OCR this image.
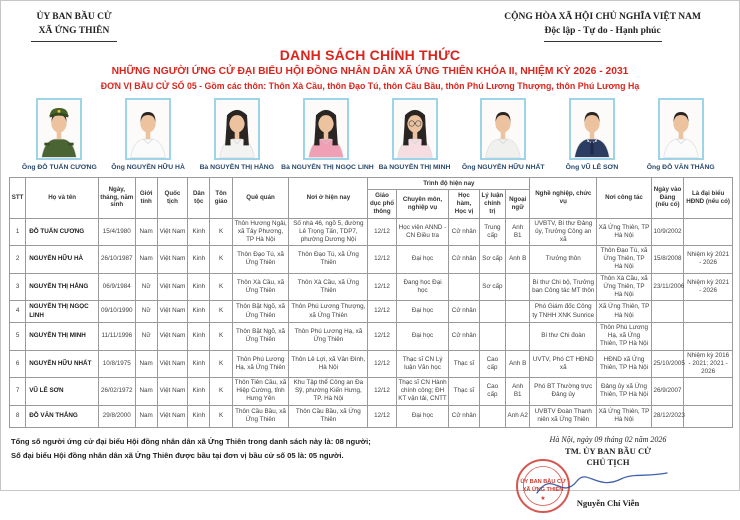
ỦY BAN BẦU CỬ
XÃ ỨNG THIÊN
CỘNG HÒA XÃ HỘI CHỦ NGHĨA VIỆT NAM
Độc lập - Tự do - Hạnh phúc
DANH SÁCH CHÍNH THỨC
NHỮNG NGƯỜI ỨNG CỬ ĐẠI BIỂU HỘI ĐỒNG NHÂN DÂN XÃ ỨNG THIÊN KHÓA II, NHIỆM KỲ 2026 - 2031
ĐƠN VỊ BẦU CỬ SỐ 05 - Gồm các thôn: Thôn Xà Cầu, thôn Đạo Tú, thôn Cầu Bầu, thôn Phú Lương Thượng, thôn Phú Lương Hạ
Ông ĐỖ TUẤN CƯƠNG	Ông NGUYỄN HỮU HÀ	Bà NGUYỄN THỊ HẰNG	Bà NGUYỄN THỊ NGỌC LINH Bà NGUYỄN THỊ MINH	Ông NGUYỄN HỮU NHẤT	Ông VŨ LÊ SƠN	Ông ĐỖ VĂN THẮNG
STT	Họ và tên	Ngày, tháng, năm sinh	Giới tính	Quốc tịch	Dân tộc	Tôn giáo	Quê quán	Nơi ở hiện nay	Trình độ hiện nay					Nghề nghiệp, chức vụ	Nơi công tác	Ngày vào Đảng (nếu có)	Là đại biểu HĐND (nếu có)
									Giáo dục phổ thông	Chuyên môn, nghiệp vụ	Học hàm, Học vị	Lý luận chính trị	Ngoại ngữ				
1	ĐỖ TUẤN CƯƠNG	15/4/1980	Nam	Việt Nam	Kinh	K	Thôn Hương Ngải, xã Tây Phương, TP Hà Nội	Số nhà 46, ngõ 5, đường Lê Trọng Tấn, TDP7, phường Dương Nội	12/12	Học viện ANND - CN Điều tra	Cử nhân	Trung cấp	Anh B1	UVBTV, Bí thư Đảng ủy, Trưởng Công an xã	Xã Ứng Thiên, TP Hà Nội	10/9/2002	
2	NGUYỄN HỮU HÀ	26/10/1987	Nam	Việt Nam	Kinh	K	Thôn Đạo Tú, xã Ứng Thiên	Thôn Đạo Tú, xã Ứng Thiên	12/12	Đại học	Cử nhân	Sơ cấp	Anh B	Trưởng thôn	Thôn Đạo Tú, xã Ứng Thiên, TP Hà Nội	15/8/2008	Nhiệm kỳ 2021 - 2026
3	NGUYỄN THỊ HẰNG	06/9/1984	Nữ	Việt Nam	Kinh	K	Thôn Xà Cầu, xã Ứng Thiên	Thôn Xà Cầu, xã Ứng Thiên	12/12	Đang học Đại học		Sơ cấp		Bí thư Chi bộ, Trưởng ban Công tác MT thôn	Thôn Xà Cầu, xã Ứng Thiên, TP Hà Nội	23/11/2006	Nhiệm kỳ 2021 - 2026
4	NGUYỄN THỊ NGỌC LINH	09/10/1990	Nữ	Việt Nam	Kinh	K	Thôn Bặt Ngõ, xã Ứng Thiên	Thôn Phú Lương Thượng, xã Ứng Thiên	12/12	Đại học	Cử nhân			Phó Giám đốc Công ty TNHH XNK Sunrice	Xã Ứng Thiên, TP Hà Nội		
5	NGUYỄN THỊ MINH	11/11/1996	Nữ	Việt Nam	Kinh	K	Thôn Bặt Ngõ, xã Ứng Thiên	Thôn Phú Lương Hạ, xã Ứng Thiên	12/12	Đại học	Cử nhân			Bí thư Chi đoàn	Thôn Phú Lương Hạ, xã Ứng Thiên, TP Hà Nội		
6	NGUYỄN HỮU NHẤT	10/8/1975	Nam	Việt Nam	Kinh	K	Thôn Phú Lương Hạ, xã Ứng Thiên	Thôn Lê Lợi, xã Vân Đình, Hà Nội	12/12	Thạc sĩ CN Lý luận Văn học	Thạc sĩ	Cao cấp	Anh B	UVTV, Phó CT HĐND xã	HĐND xã Ứng Thiên, TP Hà Nội	25/10/2005	Nhiệm kỳ 2016 - 2021; 2021 - 2026
7	VŨ LÊ SƠN	26/02/1972	Nam	Việt Nam	Kinh	K	Thôn Tiên Cầu, xã Hiệp Cường, tỉnh Hưng Yên	Khu Tập thể Công an Đa Sỹ, phường Kiến Hưng, TP. Hà Nội	12/12	Thạc sĩ CN Hành chính công; ĐH KT vận tải, CNTT	Thạc sĩ	Cao cấp	Anh B1	Phó BT Thường trực Đảng ủy	Đảng ủy xã Ứng Thiên, TP Hà Nội	26/9/2007	
8	ĐỖ VĂN THẮNG	29/8/2000	Nam	Việt Nam	Kinh	K	Thôn Cầu Bầu, xã Ứng Thiên	Thôn Cầu Bầu, xã Ứng Thiên	12/12	Đại học	Cử nhân		Anh A2	UVBTV Đoàn Thanh niên xã Ứng Thiên	Xã Ứng Thiên, TP Hà Nội	28/12/2023	
Tổng số người ứng cử đại biểu Hội đồng nhân dân xã Ứng Thiên trong danh sách này là: 08 người;
Số đại biểu Hội đồng nhân dân xã Ứng Thiên được bầu tại đơn vị bầu cử số 05 là: 05 người.
Hà Nội, ngày 09 tháng 02 năm 2026
TM. ỦY BAN BẦU CỬ
CHỦ TỊCH
ỦY BAN BẦU CỬ
XÃ ỨNG THIÊN
★	Nguyễn Chí Viễn
